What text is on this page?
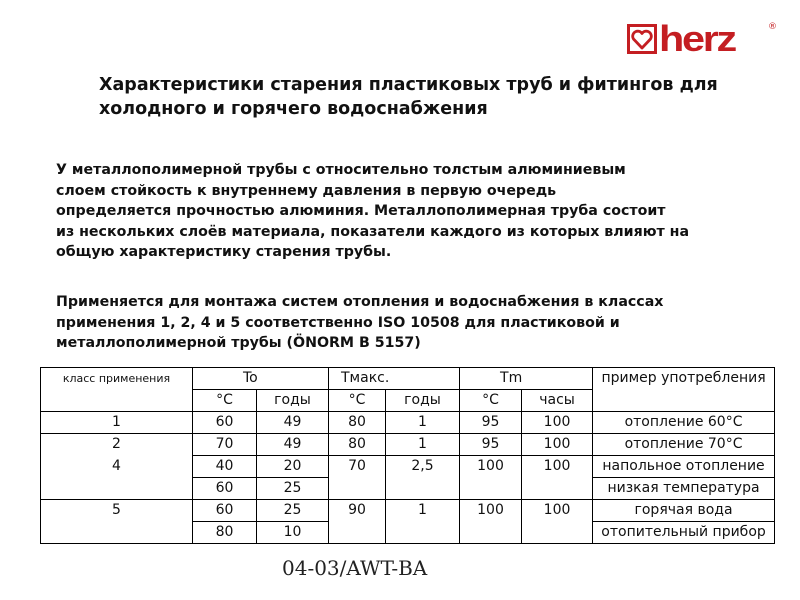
herz	®
Характеристики старения пластиковых труб и фитингов для холодного и горячего водоснабжения

У металлополимерной трубы с относительно толстым алюминиевым
слоем стойкость к внутреннему давления в первую очередь
определяется прочностью алюминия. Металлополимерная труба состоит
из нескольких слоёв материала, показатели каждого из которых влияют на
общую характеристику старения трубы.

Применяется для монтажа систем отопления и водоснабжения в классах
применения 1, 2, 4 и 5 соответственно ISO 10508 для пластиковой и
металлополимерной трубы (ÖNORM B 5157)

класс применения	To		Tмакс.		Tm		пример употребления
	°C	годы	°C	годы	°C	часы	
1	60	49	80	1	95	100	отопление 60°C
2	70	49	80	1	95	100	отопление 70°C
4	40	20	70	2,5	100	100	напольное отопление
	60	25					низкая температура
5	60	25	90	1	100	100	горячая вода
	80	10					отопительный прибор
04-03/AWT-BA
